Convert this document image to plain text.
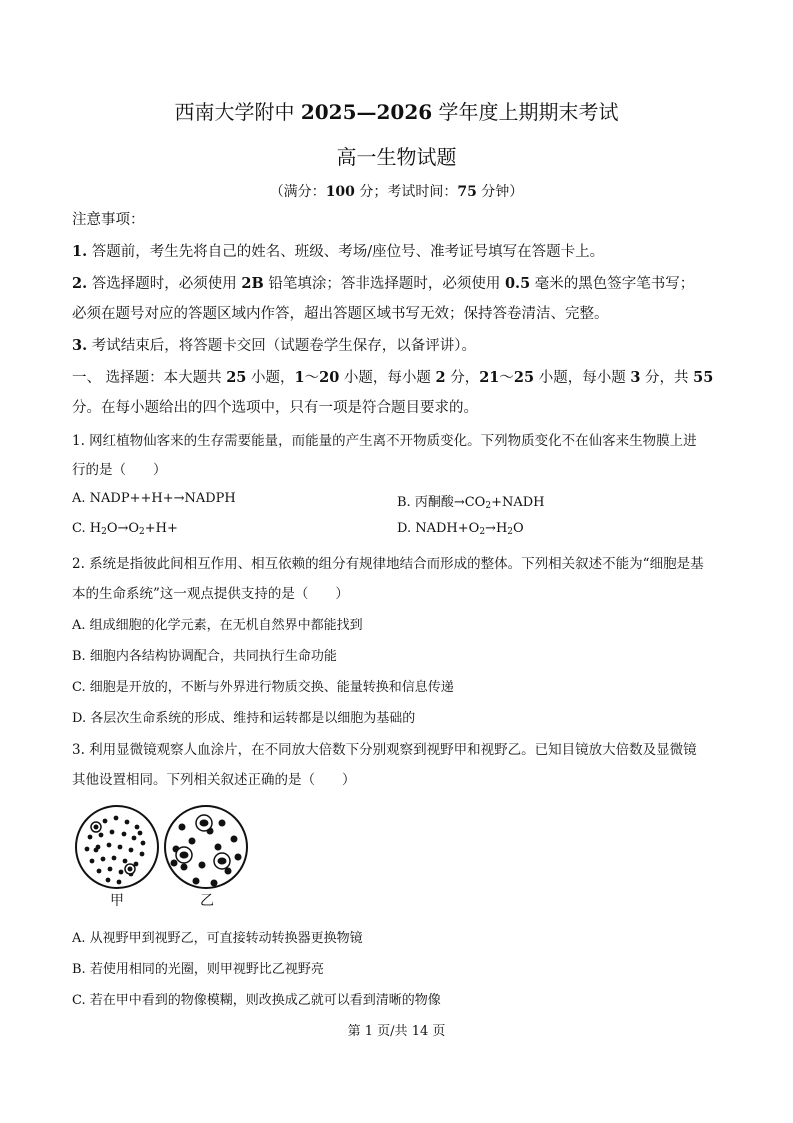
西南大学附中 2025—2026 学年度上期期末考试
高一生物试题
（满分：100 分；考试时间：75 分钟）
注意事项：
1. 答题前，考生先将自己的姓名、班级、考场/座位号、准考证号填写在答题卡上。
2. 答选择题时，必须使用 2B 铅笔填涂；答非选择题时，必须使用 0.5 毫米的黑色签字笔书写；
必须在题号对应的答题区域内作答，超出答题区域书写无效；保持答卷清洁、完整。
3. 考试结束后，将答题卡交回（试题卷学生保存，以备评讲）。
一、 选择题：本大题共 25 小题，1～20 小题，每小题 2 分，21～25 小题，每小题 3 分，共 55
分。在每小题给出的四个选项中，只有一项是符合题目要求的。
1. 网红植物仙客来的生存需要能量，而能量的产生离不开物质变化。下列物质变化不在仙客来生物膜上进
行的是（　　）
A. NADP++H+→NADPH	B. 丙酮酸$\to CO_2+NADH$
C. $H_2O\to O_2+H+$	D. $NADH+O_2\to H_2O$
2. 系统是指彼此间相互作用、相互依赖的组分有规律地结合而形成的整体。下列相关叙述不能为“细胞是基
本的生命系统”这一观点提供支持的是（　　）
A. 组成细胞的化学元素，在无机自然界中都能找到
B. 细胞内各结构协调配合，共同执行生命功能
C. 细胞是开放的，不断与外界进行物质交换、能量转换和信息传递
D. 各层次生命系统的形成、维持和运转都是以细胞为基础的
3. 利用显微镜观察人血涂片，在不同放大倍数下分别观察到视野甲和视野乙。已知目镜放大倍数及显微镜
其他设置相同。下列相关叙述正确的是（　　）
甲	乙
A. 从视野甲到视野乙，可直接转动转换器更换物镜
B. 若使用相同的光圈，则甲视野比乙视野亮
C. 若在甲中看到的物像模糊，则改换成乙就可以看到清晰的物像
第 1 页/共 14 页
